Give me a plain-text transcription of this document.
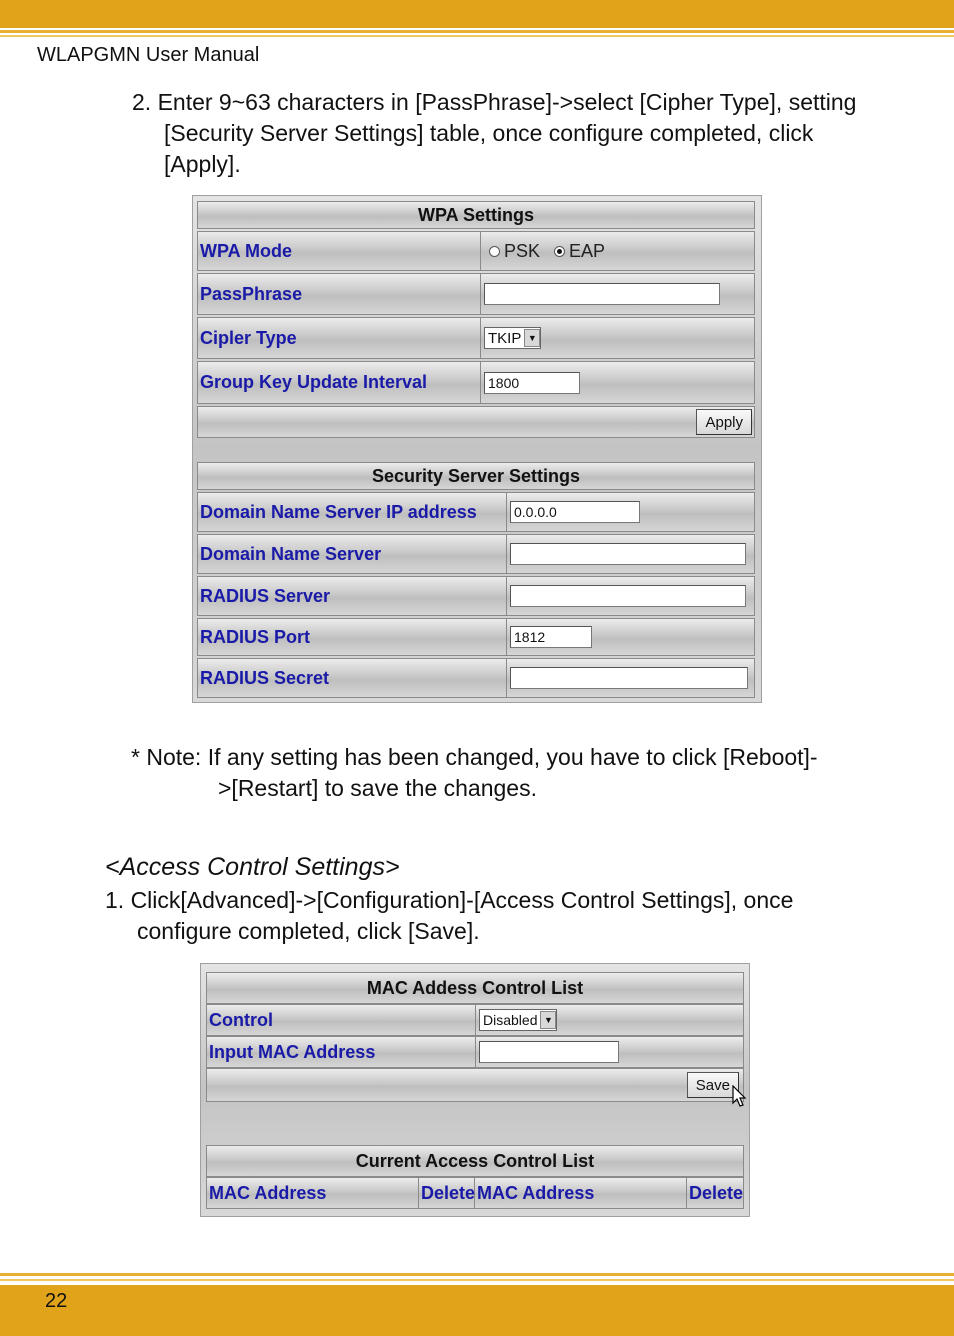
WLAPGMN User Manual
2. Enter 9~63 characters in [PassPhrase]->select [Cipher Type], setting
[Security Server Settings] table, once configure completed, click
[Apply].
WPA Settings
WPA Mode	PSK EAP
PassPhrase
Cipler Type	TKIP ▼
Group Key Update Interval	1800
Apply
Security Server Settings
Domain Name Server IP address	0.0.0.0
Domain Name Server
RADIUS Server
RADIUS Port	1812
RADIUS Secret
* Note: If any setting has been changed, you have to click [Reboot]-
>[Restart] to save the changes.
<Access Control Settings>
1. Click[Advanced]->[Configuration]-[Access Control Settings], once
configure completed, click [Save].
MAC Addess Control List
Control	Disabled ▼
Input MAC Address
Save
Current Access Control List
MAC Address	Delete MAC Address	Delete
22
